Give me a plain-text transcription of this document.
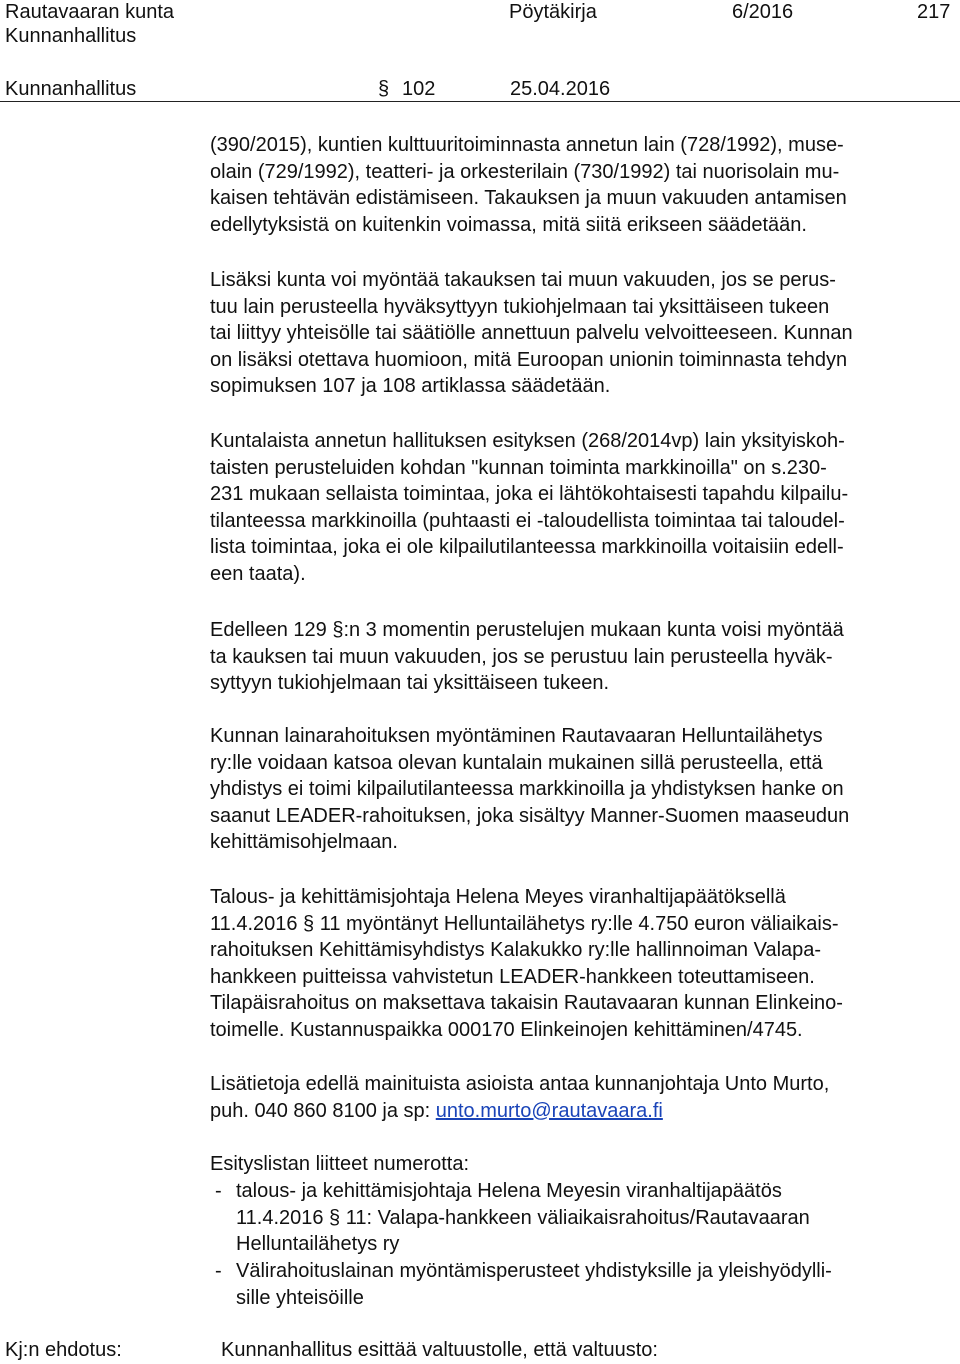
Rautavaaran kunta
Kunnanhallitus
Pöytäkirja	6/2016	217
Kunnanhallitus	§ 102	25.04.2016
(390/2015), kuntien kulttuuritoiminnasta annetun lain (728/1992), muse-
olain (729/1992), teatteri- ja orkesterilain (730/1992) tai nuorisolain mu-
kaisen tehtävän edistämiseen. Takauksen ja muun vakuuden antamisen
edellytyksistä on kuitenkin voimassa, mitä siitä erikseen säädetään.
Lisäksi kunta voi myöntää takauksen tai muun vakuuden, jos se perus-
tuu lain perusteella hyväksyttyyn tukiohjelmaan tai yksittäiseen tukeen
tai liittyy yhteisölle tai säätiölle annettuun palvelu velvoitteeseen. Kunnan
on lisäksi otettava huomioon, mitä Euroopan unionin toiminnasta tehdyn
sopimuksen 107 ja 108 artiklassa säädetään.
Kuntalaista annetun hallituksen esityksen (268/2014vp) lain yksityiskoh-
taisten perusteluiden kohdan "kunnan toiminta markkinoilla" on s.230-
231 mukaan sellaista toimintaa, joka ei lähtökohtaisesti tapahdu kilpailu-
tilanteessa markkinoilla (puhtaasti ei -taloudellista toimintaa tai taloudel-
lista toimintaa, joka ei ole kilpailutilanteessa markkinoilla voitaisiin edell-
een taata).
Edelleen 129 §:n 3 momentin perustelujen mukaan kunta voisi myöntää
ta kauksen tai muun vakuuden, jos se perustuu lain perusteella hyväk-
syttyyn tukiohjelmaan tai yksittäiseen tukeen.
Kunnan lainarahoituksen myöntäminen Rautavaaran Helluntailähetys
ry:lle voidaan katsoa olevan kuntalain mukainen sillä perusteella, että
yhdistys ei toimi kilpailutilanteessa markkinoilla ja yhdistyksen hanke on
saanut LEADER-rahoituksen, joka sisältyy Manner-Suomen maaseudun
kehittämisohjelmaan.
Talous- ja kehittämisjohtaja Helena Meyes viranhaltijapäätöksellä
11.4.2016 § 11 myöntänyt Helluntailähetys ry:lle 4.750 euron väliaikais-
rahoituksen Kehittämisyhdistys Kalakukko ry:lle hallinnoiman Valapa-
hankkeen puitteissa vahvistetun LEADER-hankkeen toteuttamiseen.
Tilapäisrahoitus on maksettava takaisin Rautavaaran kunnan Elinkeino-
toimelle. Kustannuspaikka 000170 Elinkeinojen kehittäminen/4745.
Lisätietoja edellä mainituista asioista antaa kunnanjohtaja Unto Murto,
puh. 040 860 8100 ja sp: unto.murto@rautavaara.fi
Esityslistan liitteet numerotta:
- talous- ja kehittämisjohtaja Helena Meyesin viranhaltijapäätös
11.4.2016 § 11: Valapa-hankkeen väliaikaisrahoitus/Rautavaaran
Helluntailähetys ry
- Välirahoituslainan myöntämisperusteet yhdistyksille ja yleishyödylli-
sille yhteisöille
Kj:n ehdotus:	Kunnanhallitus esittää valtuustolle, että valtuusto:
